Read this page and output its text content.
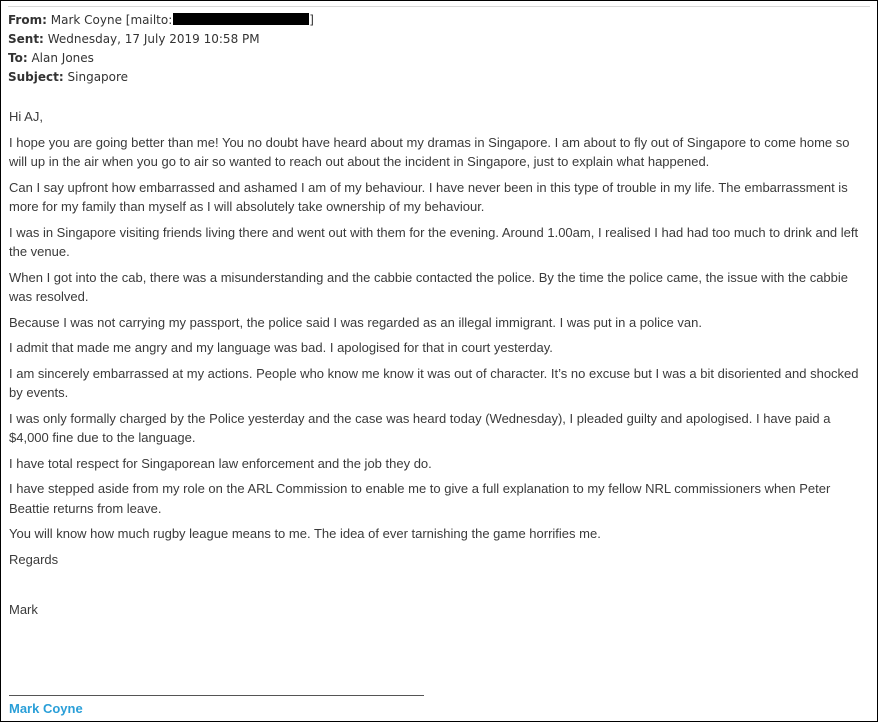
From: Mark Coyne [mailto:	]
Sent: Wednesday, 17 July 2019 10:58 PM
To: Alan Jones
Subject: Singapore

Hi AJ,

I hope you are going better than me! You no doubt have heard about my dramas in Singapore. I am about to fly out of Singapore to come home so will up in the air when you go to air so wanted to reach out about the incident in Singapore, just to explain what happened.

Can I say upfront how embarrassed and ashamed I am of my behaviour. I have never been in this type of trouble in my life. The embarrassment is more for my family than myself as I will absolutely take ownership of my behaviour.

I was in Singapore visiting friends living there and went out with them for the evening. Around 1.00am, I realised I had had too much to drink and left the venue.

When I got into the cab, there was a misunderstanding and the cabbie contacted the police. By the time the police came, the issue with the cabbie was resolved.

Because I was not carrying my passport, the police said I was regarded as an illegal immigrant. I was put in a police van.

I admit that made me angry and my language was bad. I apologised for that in court yesterday.

I am sincerely embarrassed at my actions. People who know me know it was out of character. It’s no excuse but I was a bit disoriented and shocked by events.

I was only formally charged by the Police yesterday and the case was heard today (Wednesday), I pleaded guilty and apologised. I have paid a $4,000 fine due to the language.

I have total respect for Singaporean law enforcement and the job they do.

I have stepped aside from my role on the ARL Commission to enable me to give a full explanation to my fellow NRL commissioners when Peter Beattie returns from leave.

You will know how much rugby league means to me. The idea of ever tarnishing the game horrifies me.

Regards

Mark

Mark Coyne
